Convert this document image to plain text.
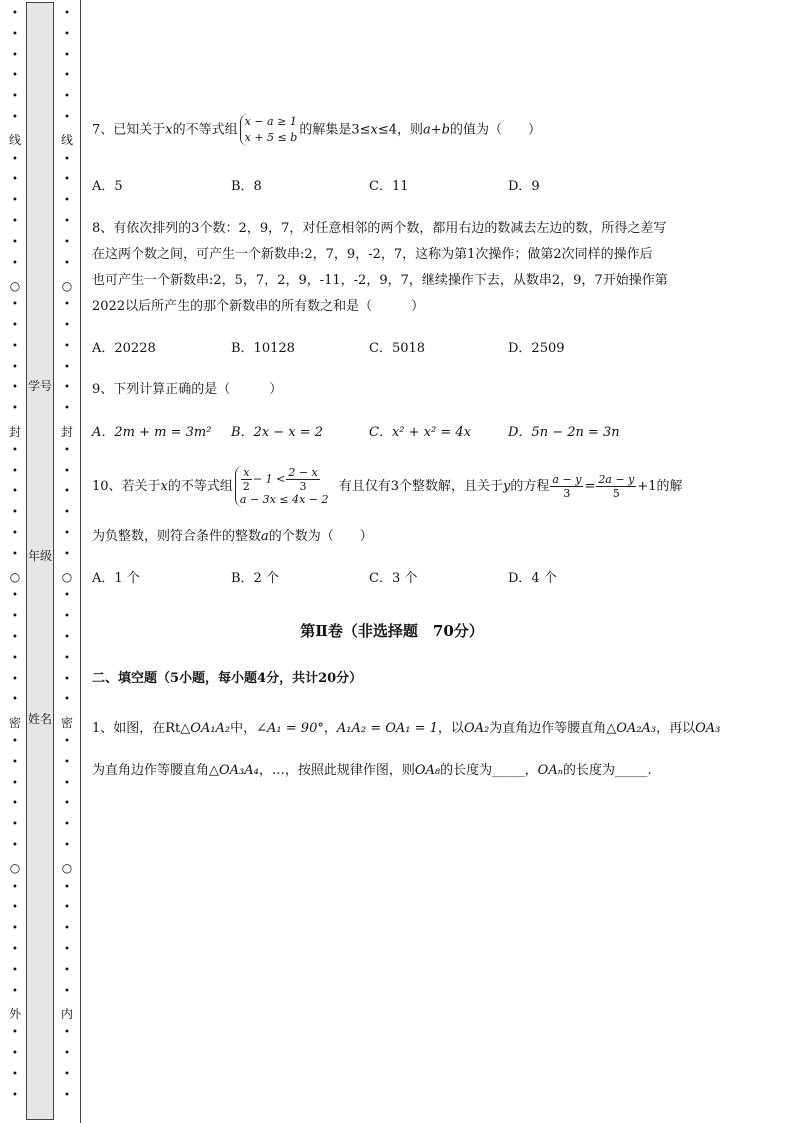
线
封
密
外
○
○
○
•
•
•
•
•
•
•
•
•
•
•
•
•
•
•
•
•
•
•
•
•
•
•
•
•
•
•
•
•
•
•
•
•
•
•
•
•
•
•
•
•
•
•
•
•
•
学号
年级
姓名
线
封
密
内
○
○
○
•
•
•
•
•
•
•
•
•
•
•
•
•
•
•
•
•
•
•
•
•
•
•
•
•
•
•
•
•
•
•
•
•
•
•
•
•
•
•
•
•
•
•
•
•
•
7、已知关于x的不等式组
x − a ≥ 1
x + 5 ≤ b 的解集是3≤x≤4，则a+b的值为（　　）
A．5	B．8	C．11	D．9
8、有依次排列的3个数：2，9，7，对任意相邻的两个数，都用右边的数减去左边的数，所得之差写
在这两个数之间，可产生一个新数串:2，7，9，-2，7，这称为第1次操作；做第2次同样的操作后
也可产生一个新数串:2，5，7，2，9，-11，-2，9，7，继续操作下去，从数串2，9，7开始操作第
2022以后所产生的那个新数串的所有数之和是（　　　）
A．20228	B．10128	C．5018	D．2509
9、下列计算正确的是（　　　）
A．2m + m = 3m² B．2x − x = 2	C．x² + x² = 4x	D．5n − 2n = 3n
10、若关于x的不等式组 $\frac{x}{2} - 1 < \frac{2 - x}{3}$
a − 3x ≤ 4x − 2
有且仅有3个整数解，且关于y的方程 $\frac{a - y}{3} = \frac{2a - y}{5} +1$的解
为负整数，则符合条件的整数a的个数为（　　）
A．1 个	B．2 个	C．3 个	D．4 个
第Ⅱ卷（非选择题　70分）
二、填空题（5小题，每小题4分，共计20分）
1、如图，在Rt△OA₁A₂中，∠A₁ = 90°，A₁A₂ = OA₁ = 1，以OA₂为直角边作等腰直角△OA₂A₃，再以OA₃
为直角边作等腰直角△OA₃A₄，…，按照此规律作图，则OA₈的长度为_____，OAₙ的长度为_____.
